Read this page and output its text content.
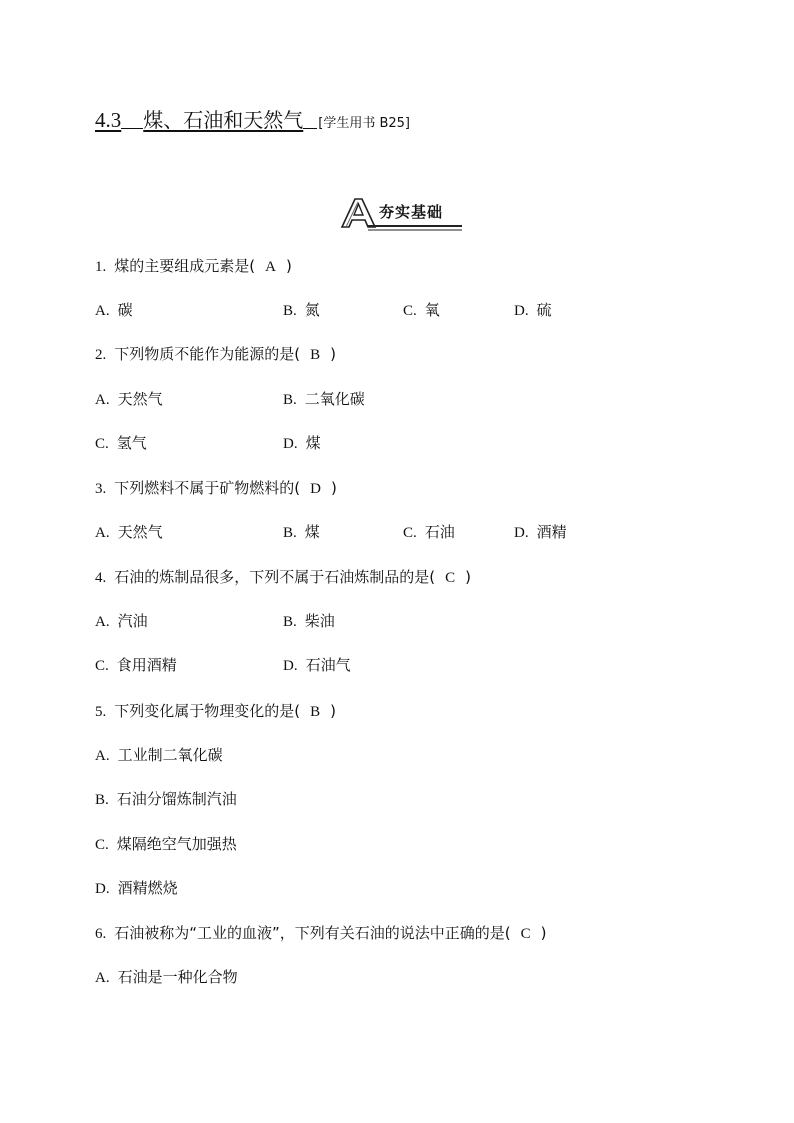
4.3 煤、石油和天然气 [学生用书 B25]
夯实基础
1. 煤的主要组成元素是( A )
A. 碳	B. 氮	C. 氧	D. 硫
2. 下列物质不能作为能源的是( B )
A. 天然气	B. 二氧化碳
C. 氢气	D. 煤
3. 下列燃料不属于矿物燃料的( D )
A. 天然气	B. 煤	C. 石油	D. 酒精
4. 石油的炼制品很多，下列不属于石油炼制品的是( C )
A. 汽油	B. 柴油
C. 食用酒精	D. 石油气
5. 下列变化属于物理变化的是( B )
A. 工业制二氧化碳
B. 石油分馏炼制汽油
C. 煤隔绝空气加强热
D. 酒精燃烧
6. 石油被称为“工业的血液”，下列有关石油的说法中正确的是( C )
A. 石油是一种化合物
